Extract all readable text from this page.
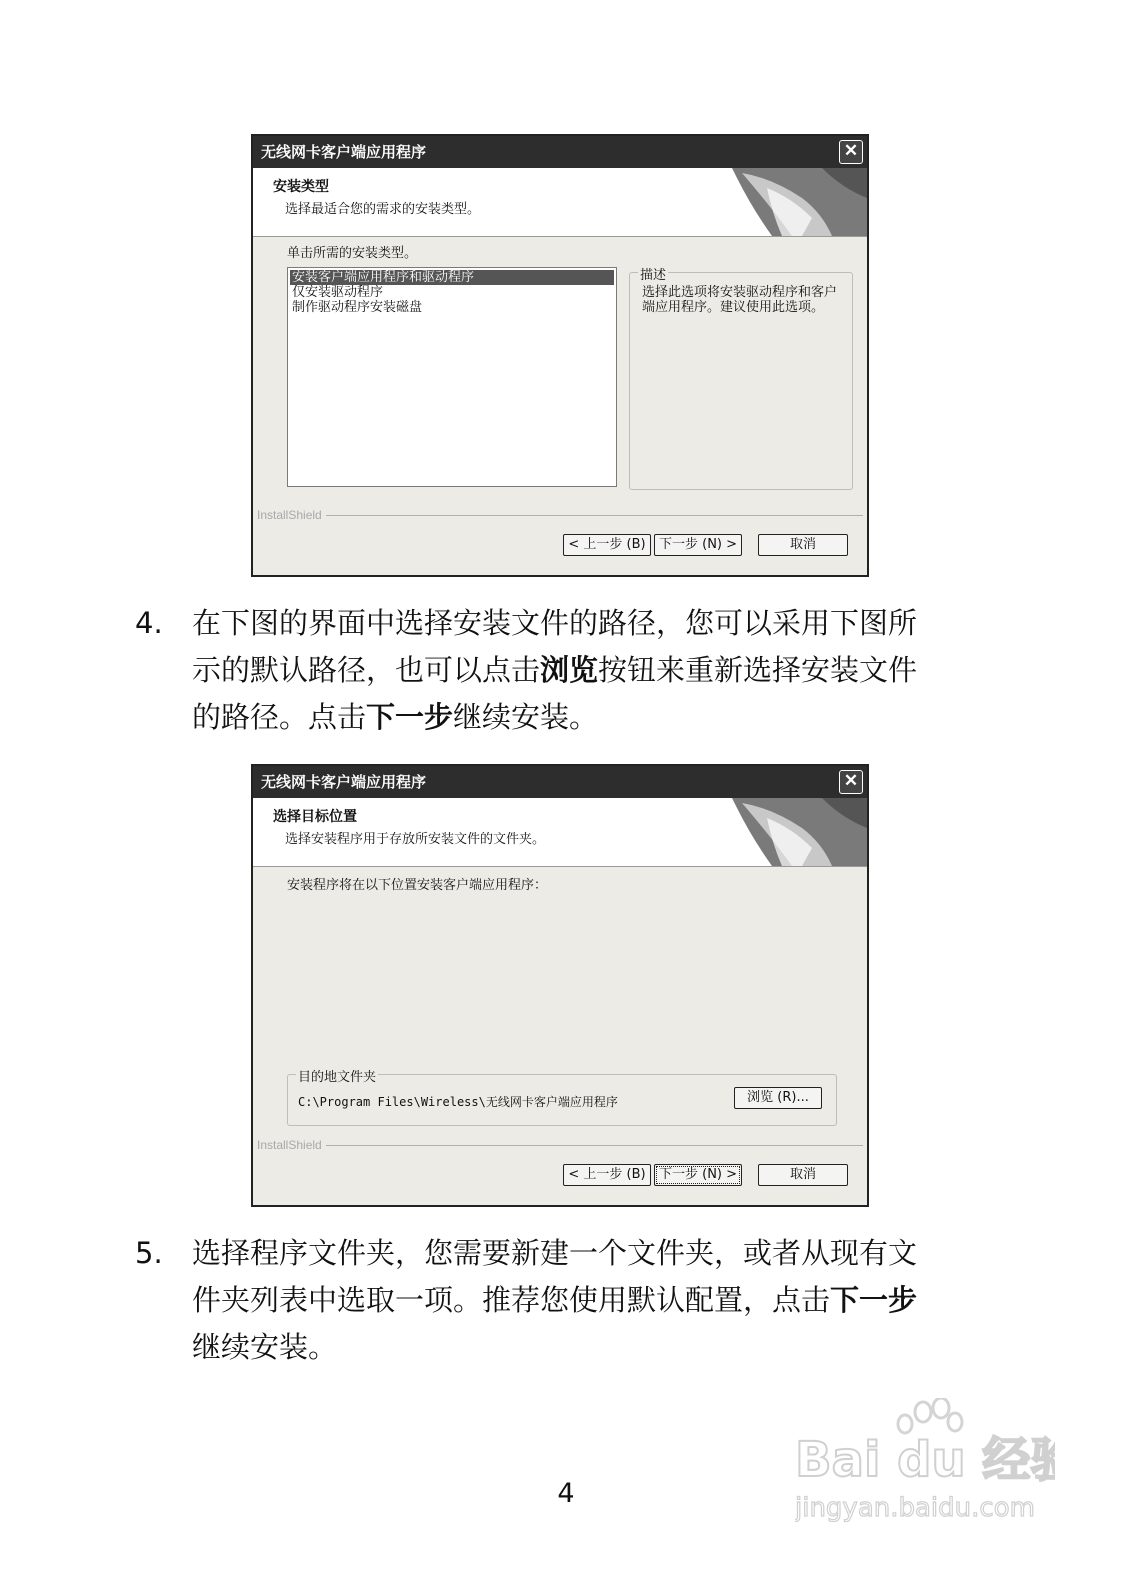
无线网卡客户端应用程序	✕
安装类型
选择最适合您的需求的安装类型。
单击所需的安装类型。
安装客户端应用程序和驱动程序
仅安装驱动程序
制作驱动程序安装磁盘
描述
选择此选项将安装驱动程序和客户端应用程序。建议使用此选项。
InstallShield
< 上一步 (B)	下一步 (N) >	取消
4. 在下图的界面中选择安装文件的路径，您可以采用下图所
示的默认路径，也可以点击浏览按钮来重新选择安装文件
的路径。点击下一步继续安装。
无线网卡客户端应用程序	✕
选择目标位置
选择安装程序用于存放所安装文件的文件夹。
安装程序将在以下位置安装客户端应用程序：
目的地文件夹
C:\Program Files\Wireless\无线网卡客户端应用程序	浏览 (R)...
InstallShield
< 上一步 (B)	下一步 (N) >	取消
5. 选择程序文件夹，您需要新建一个文件夹，或者从现有文
件夹列表中选取一项。推荐您使用默认配置，点击下一步
继续安装。
Bai du 经验
jingyan.baidu.com
4
